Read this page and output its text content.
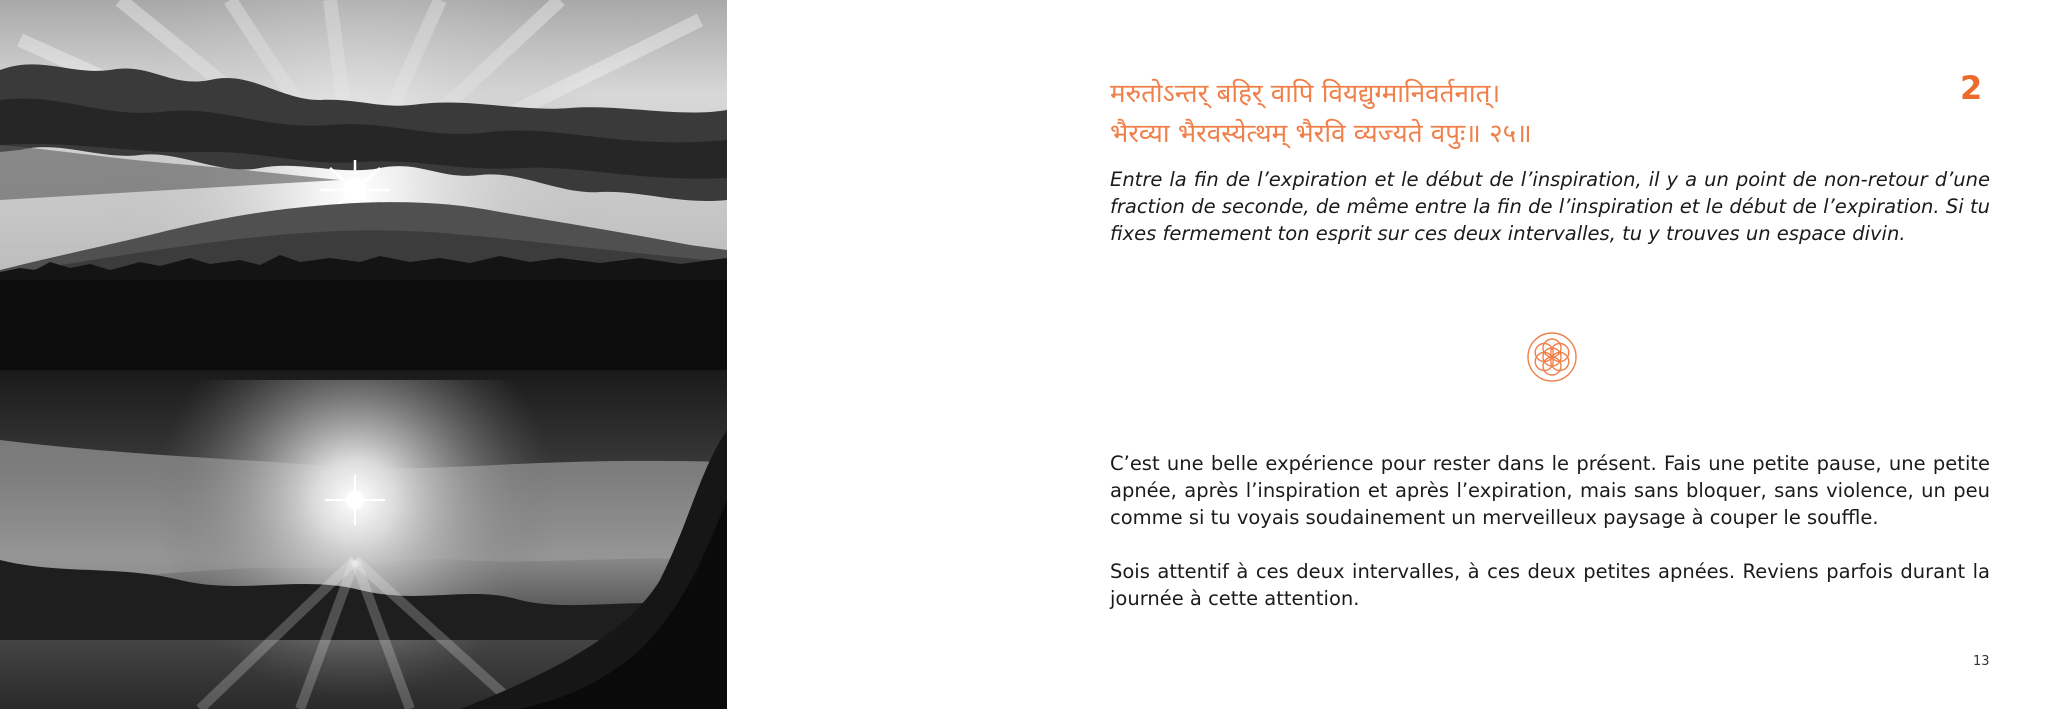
2
मरुतोऽन्तर् बहिर् वापि वियद्युग्मानिवर्तनात्।
भैरव्या भैरवस्येत्थम् भैरवि व्यज्यते वपुः॥ २५॥

Entre la fin de l’expiration et le début de l’inspiration, il y a un point de non-retour d’une fraction de seconde, de même entre la fin de l’inspiration et le début de l’expiration. Si tu fixes fermement ton esprit sur ces deux intervalles, tu y trouves un espace divin.

C’est une belle expérience pour rester dans le présent. Fais une petite pause, une petite apnée, après l’inspiration et après l’expiration, mais sans bloquer, sans violence, un peu comme si tu voyais soudainement un merveilleux paysage à couper le souffle.

Sois attentif à ces deux intervalles, à ces deux petites apnées. Reviens parfois durant la journée à cette attention.

13
